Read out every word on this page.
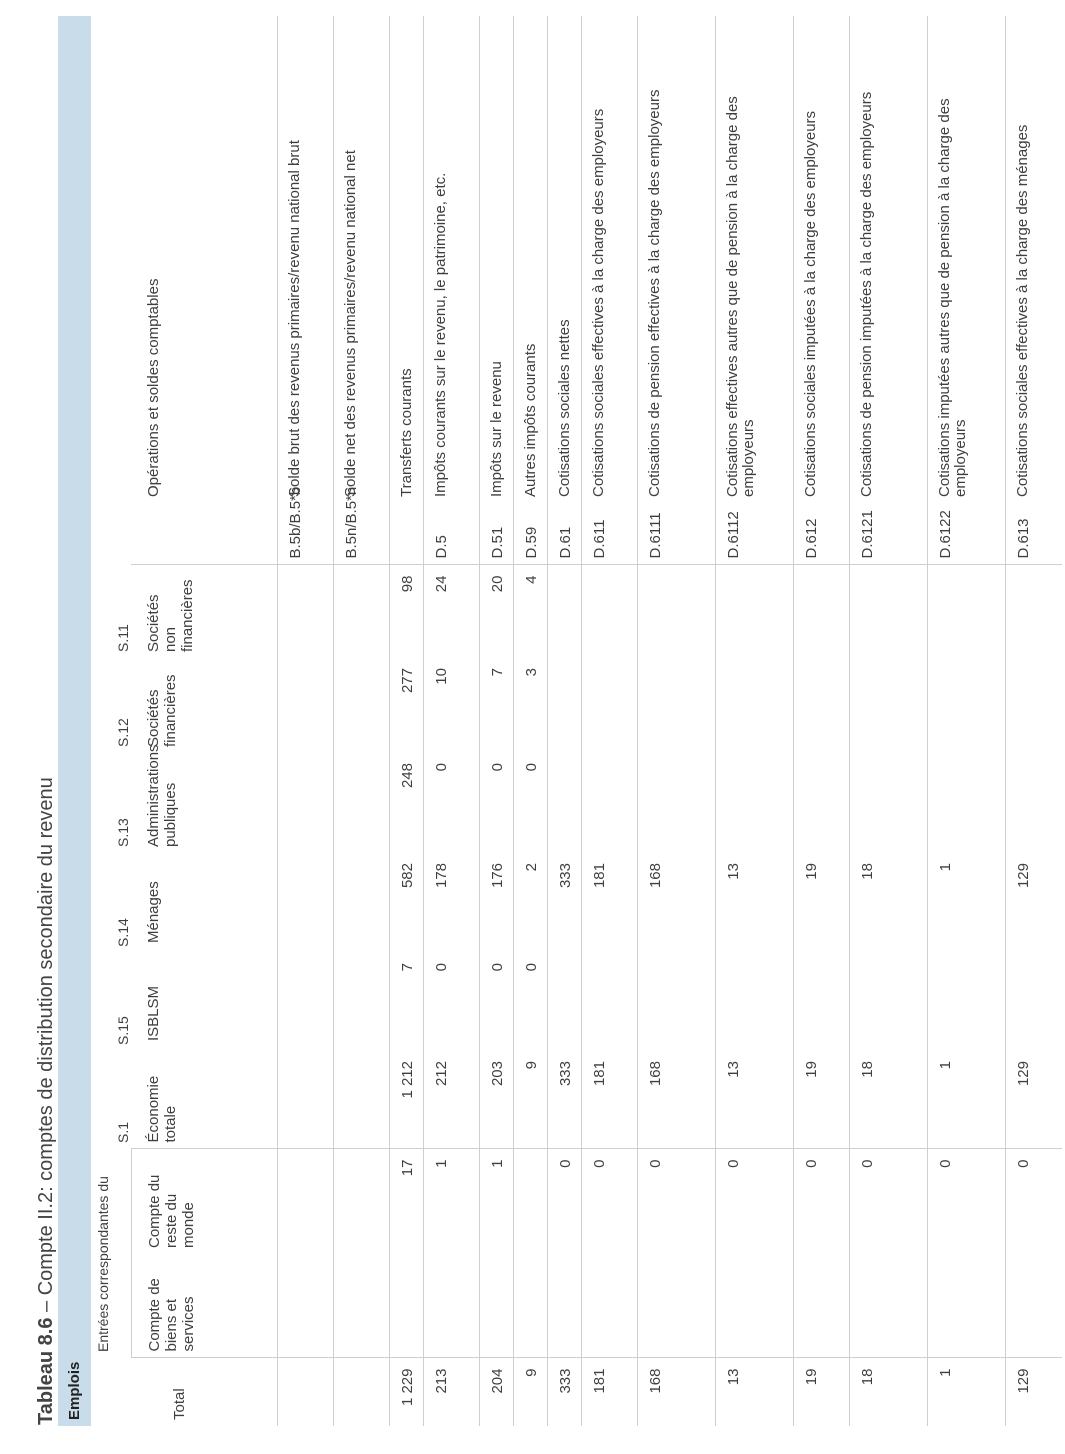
Tableau 8.6 – Compte II.2: comptes de distribution secondaire du revenu
Emplois										
	Entrées correspondantes du									
			S.1	S.15	S.14	S.13	S.12	S.11		
Total	Compte de biens et services	Compte du reste du monde	Économie totale	ISBLSM	Ménages	Administrations publiques	Sociétés financières	Sociétés non financières		Opérations et soldes comptables
									B.5b/B.5*b	Solde brut des revenus primaires/revenu national brut
									B.5n/B.5*n	Solde net des revenus primaires/revenu national net
1 229		17	1 212	7	582	248	277	98		Transferts courants
213		1	212	0	178	0	10	24	D.5	Impôts courants sur le revenu, le patrimoine, etc.
204		1	203	0	176	0	7	20	D.51	Impôts sur le revenu
9			9	0	2	0	3	4	D.59	Autres impôts courants
333		0	333		333				D.61	Cotisations sociales nettes
181		0	181		181				D.611	Cotisations sociales effectives à la charge des employeurs
168		0	168		168				D.6111	Cotisations de pension effectives à la charge des employeurs
13		0	13		13				D.6112	Cotisations effectives autres que de pension à la charge des employeurs
19		0	19		19				D.612	Cotisations sociales imputées à la charge des employeurs
18		0	18		18				D.6121	Cotisations de pension imputées à la charge des employeurs
1		0	1		1				D.6122	Cotisations imputées autres que de pension à la charge des employeurs
129		0	129		129				D.613	Cotisations sociales effectives à la charge des ménages
